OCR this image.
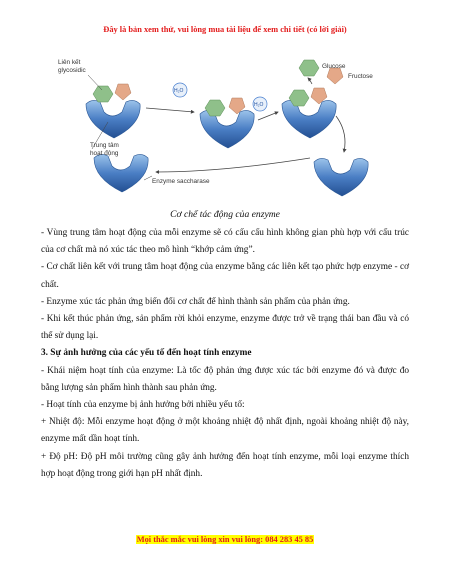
Đây là bản xem thử, vui lòng mua tài liệu để xem chi tiết (có lời giải)
Liên kết
glycosidic
Trung tâm
hoạt động
Enzyme saccharase
Glucose
Fructose
H₂O
H₂O
Cơ chế tác động của enzyme

- Vùng trung tâm hoạt động của mỗi enzyme sẽ có cấu cấu hình không gian phù hợp với cấu trúc của cơ chất mà nó xúc tác theo mô hình “khớp cảm ứng”.

- Cơ chất liên kết với trung tâm hoạt động của enzyme bằng các liên kết tạo phức hợp enzyme - cơ chất.

- Enzyme xúc tác phản ứng biến đổi cơ chất để hình thành sản phẩm của phản ứng.

- Khi kết thúc phản ứng, sản phẩm rời khỏi enzyme, enzyme được trở về trạng thái ban đầu và có thể sử dụng lại.

3. Sự ảnh hưởng của các yếu tố đến hoạt tính enzyme

- Khái niệm hoạt tính của enzyme: Là tốc độ phản ứng được xúc tác bởi enzyme đó và được đo bằng lượng sản phẩm hình thành sau phản ứng.

- Hoạt tính của enzyme bị ảnh hưởng bởi nhiều yếu tố:

+ Nhiệt độ: Mỗi enzyme hoạt động ở một khoảng nhiệt độ nhất định, ngoài khoảng nhiệt độ này, enzyme mất dần hoạt tính.

+ Độ pH: Độ pH môi trường cũng gây ảnh hưởng đến hoạt tính enzyme, mỗi loại enzyme thích hợp hoạt động trong giới hạn pH nhất định.

Mọi thắc mắc vui lòng xin vui lòng: 084 283 45 85
